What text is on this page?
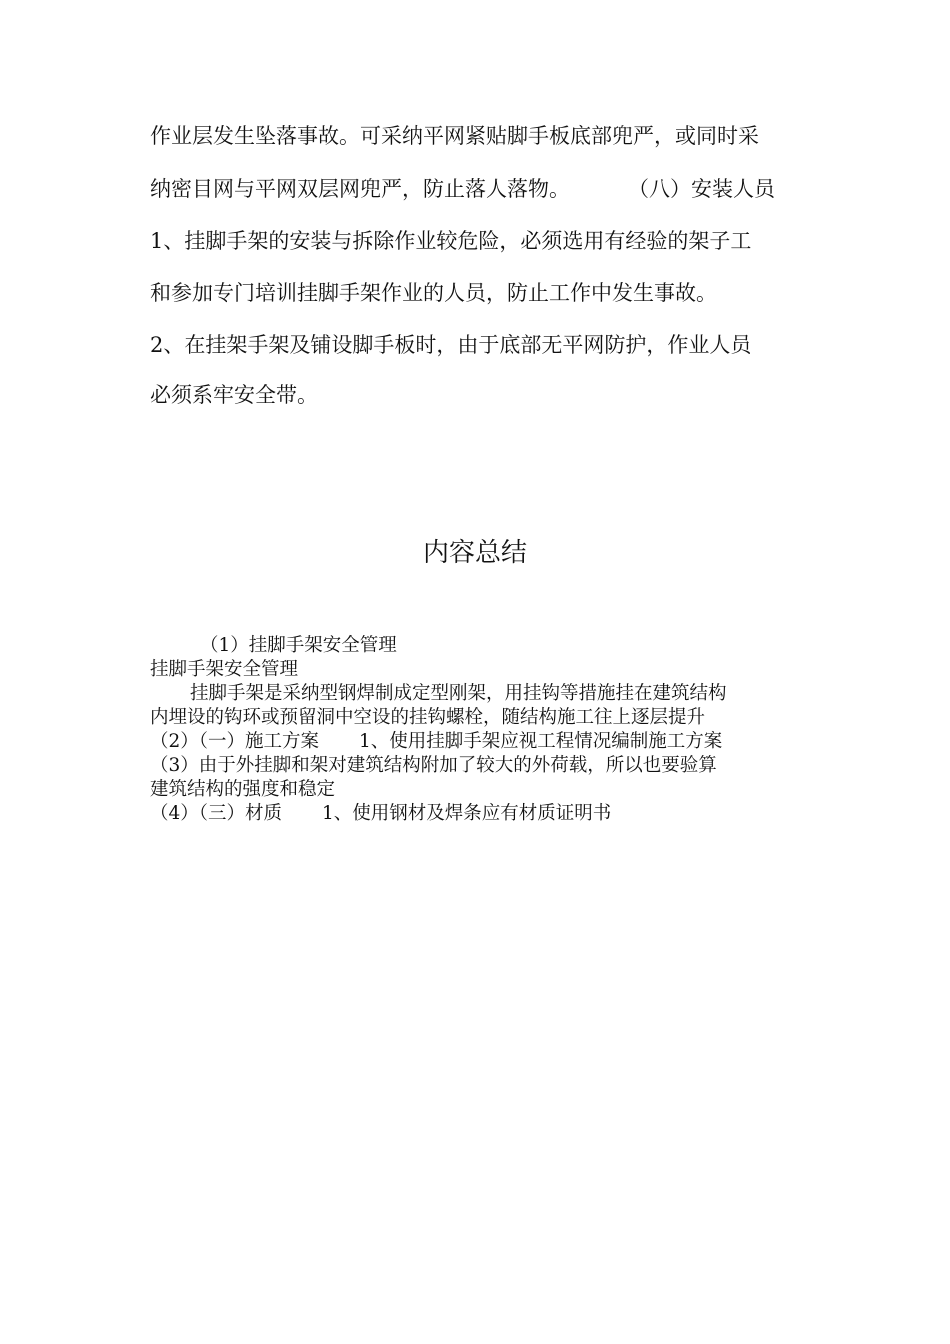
作业层发生坠落事故。可采纳平网紧贴脚手板底部兜严，或同时采
纳密目网与平网双层网兜严，防止落人落物。	（八）安装人员
1、挂脚手架的安装与拆除作业较危险，必须选用有经验的架子工
和参加专门培训挂脚手架作业的人员，防止工作中发生事故。
2、在挂架手架及铺设脚手板时，由于底部无平网防护，作业人员
必须系牢安全带。
内容总结
（1）挂脚手架安全管理
挂脚手架安全管理
挂脚手架是采纳型钢焊制成定型刚架，用挂钩等措施挂在建筑结构
内埋设的钩环或预留洞中空设的挂钩螺栓，随结构施工往上逐层提升
（2）（一）施工方案 1、使用挂脚手架应视工程情况编制施工方案
（3）由于外挂脚和架对建筑结构附加了较大的外荷载，所以也要验算
建筑结构的强度和稳定
（4）（三）材质 1、使用钢材及焊条应有材质证明书
